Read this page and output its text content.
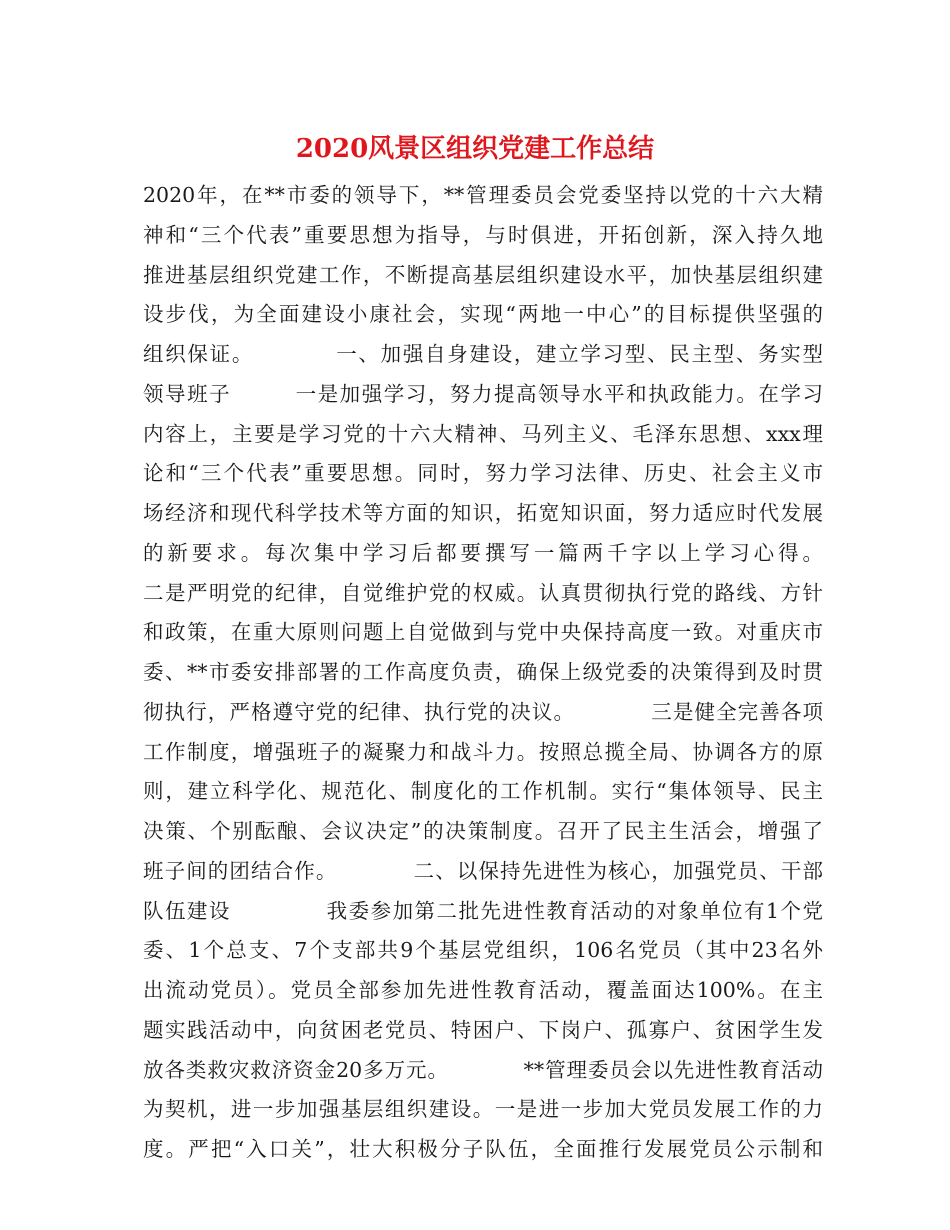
2020风景区组织党建工作总结
2020年，在**市委的领导下，**管理委员会党委坚持以党的十六大精
神和“三个代表”重要思想为指导，与时俱进，开拓创新，深入持久地
推进基层组织党建工作，不断提高基层组织建设水平，加快基层组织建
设步伐，为全面建设小康社会，实现“两地一中心”的目标提供坚强的
组织保证。          一、加强自身建设，建立学习型、民主型、务实型
领导班子        一是加强学习，努力提高领导水平和执政能力。在学习
内容上，主要是学习党的十六大精神、马列主义、毛泽东思想、xxx理
论和“三个代表”重要思想。同时，努力学习法律、历史、社会主义市
场经济和现代科学技术等方面的知识，拓宽知识面，努力适应时代发展
的新要求。每次集中学习后都要撰写一篇两千字以上学习心得。
二是严明党的纪律，自觉维护党的权威。认真贯彻执行党的路线、方针
和政策，在重大原则问题上自觉做到与党中央保持高度一致。对重庆市
委、**市委安排部署的工作高度负责，确保上级党委的决策得到及时贯
彻执行，严格遵守党的纪律、执行党的决议。          三是健全完善各项
工作制度，增强班子的凝聚力和战斗力。按照总揽全局、协调各方的原
则，建立科学化、规范化、制度化的工作机制。实行“集体领导、民主
决策、个别酝酿、会议决定”的决策制度。召开了民主生活会，增强了
班子间的团结合作。          二、以保持先进性为核心，加强党员、干部
队伍建设            我委参加第二批先进性教育活动的对象单位有1个党
委、1个总支、7个支部共9个基层党组织，106名党员（其中23名外
出流动党员）。党员全部参加先进性教育活动，覆盖面达100%。在主
题实践活动中，向贫困老党员、特困户、下岗户、孤寡户、贫困学生发
放各类救灾救济资金20多万元。          **管理委员会以先进性教育活动
为契机，进一步加强基层组织建设。一是进一步加大党员发展工作的力
度。严把“入口关”，壮大积极分子队伍，全面推行发展党员公示制和
